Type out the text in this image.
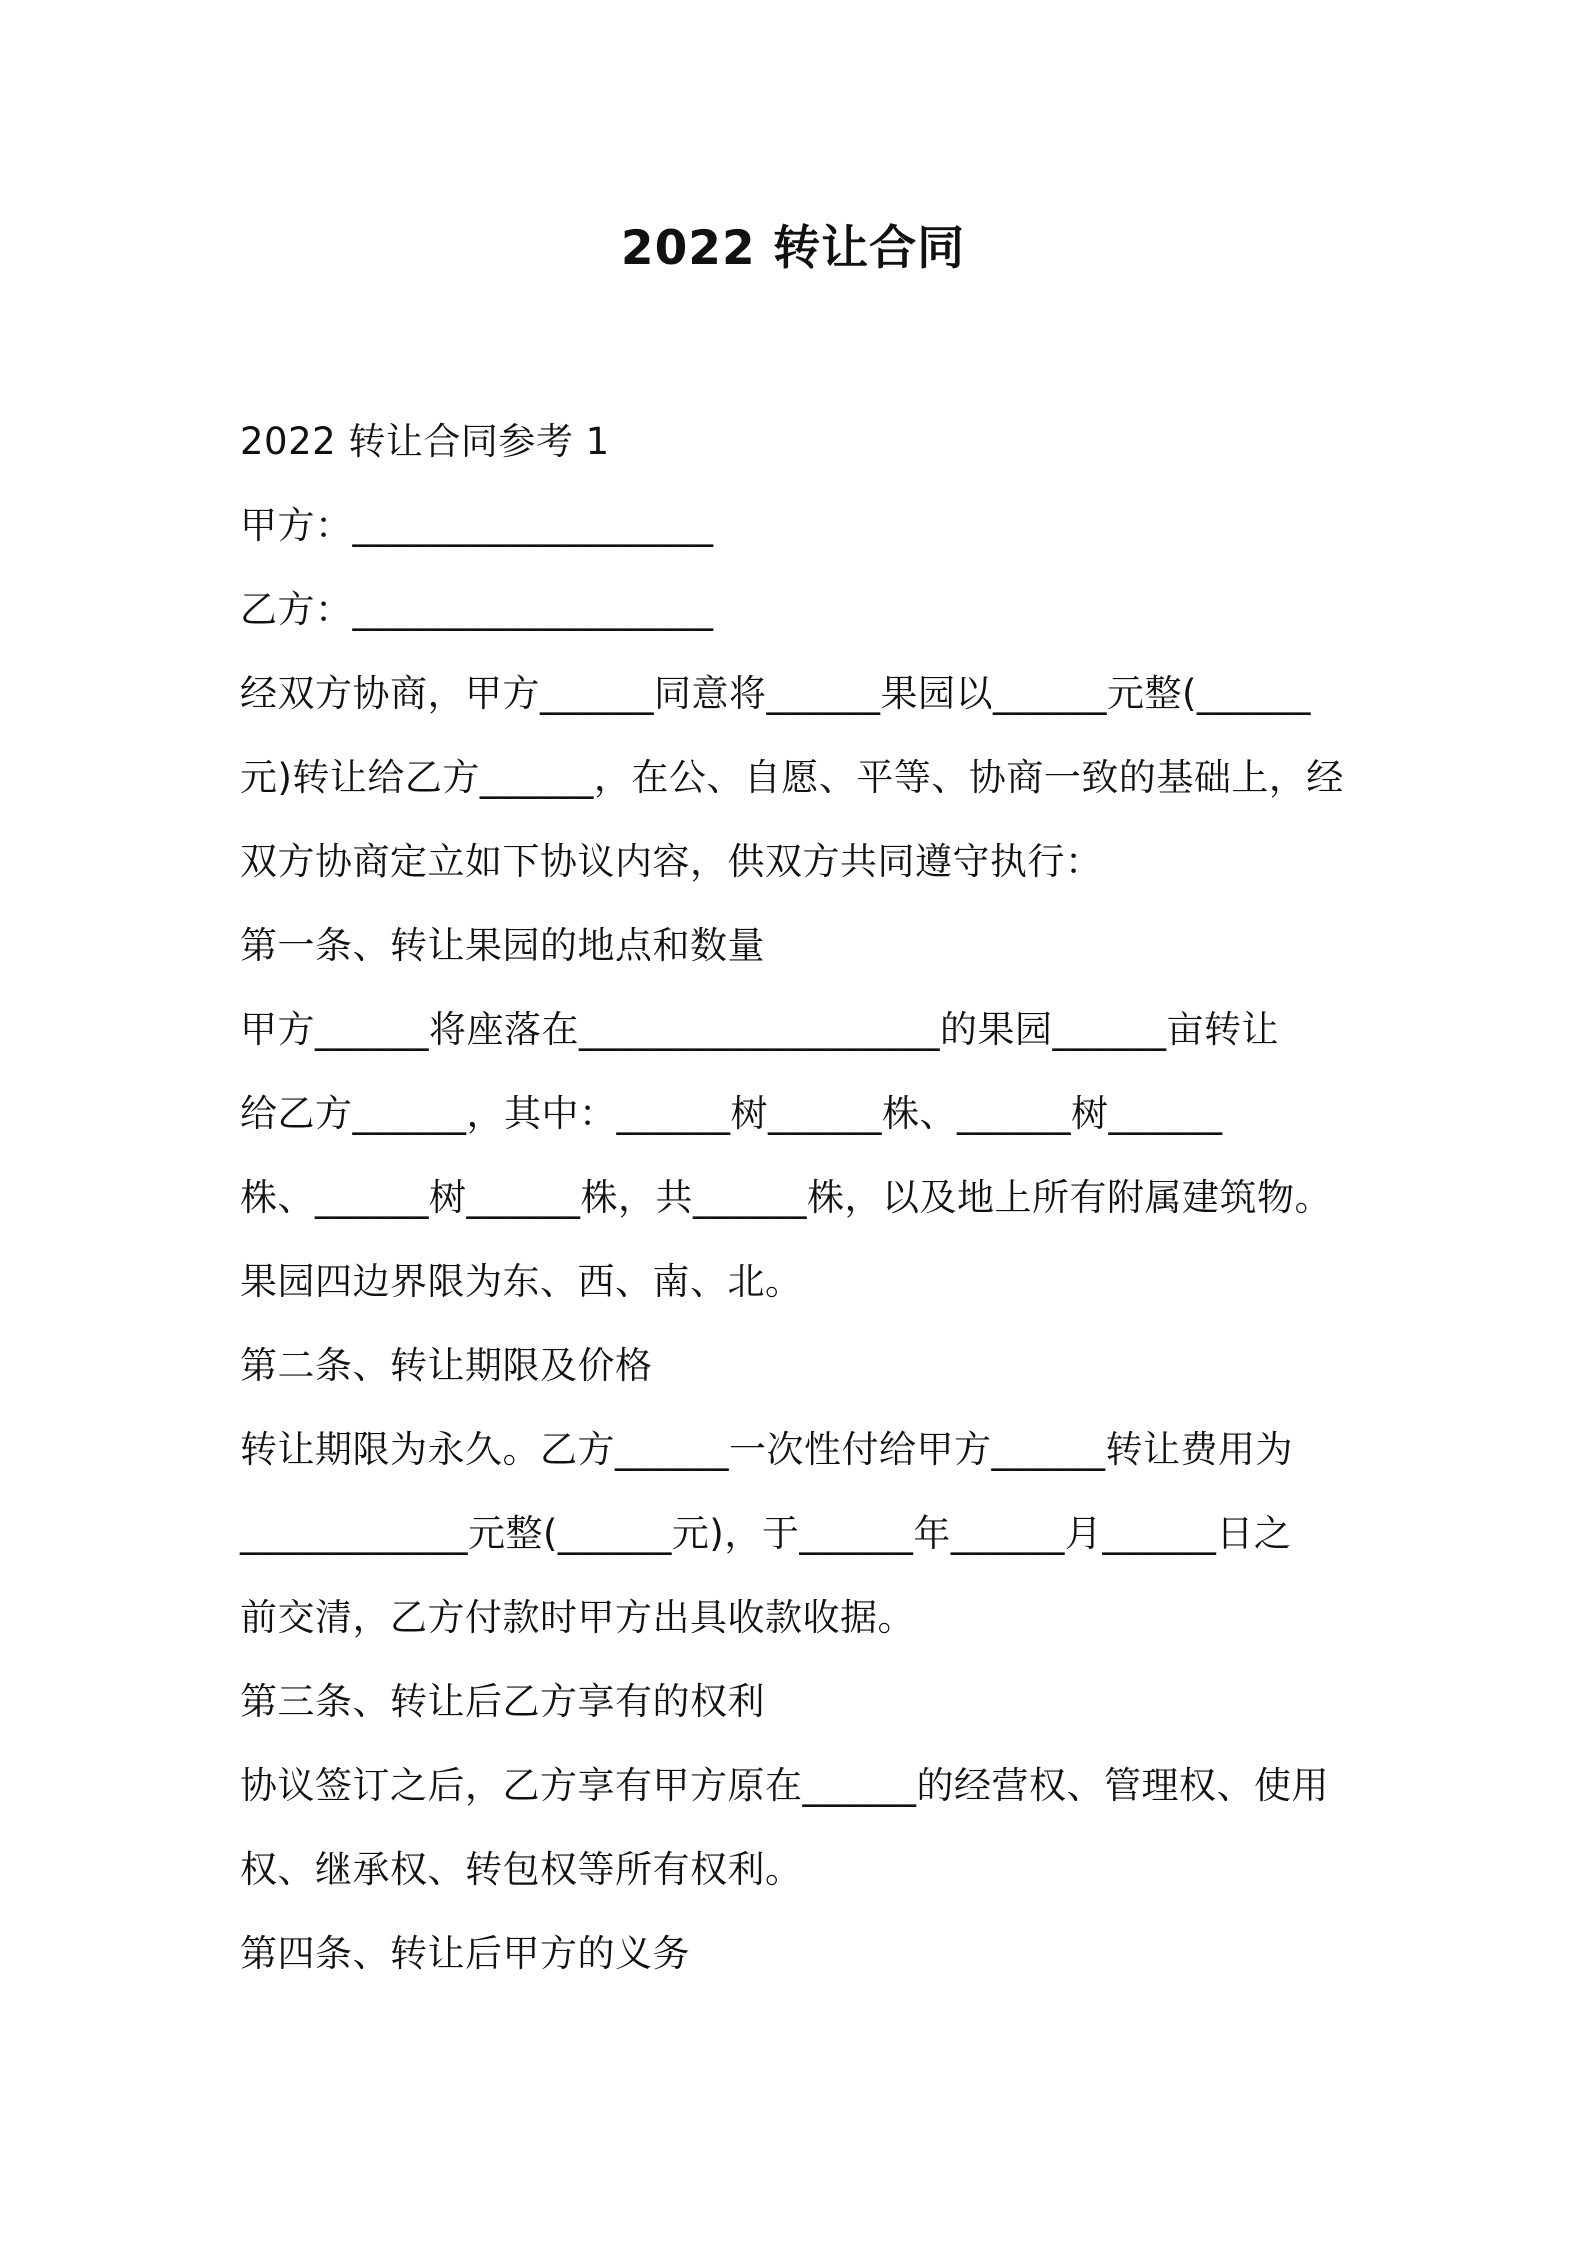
2022 转让合同
2022 转让合同参考 1
甲方：___________________
乙方：___________________
经双方协商，甲方______同意将______果园以______元整(______
元)转让给乙方______，在公、自愿、平等、协商一致的基础上，经
双方协商定立如下协议内容，供双方共同遵守执行：
第一条、转让果园的地点和数量
甲方______将座落在___________________的果园______亩转让
给乙方______，其中：______树______株、______树______
株、______树______株，共______株，以及地上所有附属建筑物。
果园四边界限为东、西、南、北。
第二条、转让期限及价格
转让期限为永久。乙方______一次性付给甲方______转让费用为
____________元整(______元)，于______年______月______日之
前交清，乙方付款时甲方出具收款收据。
第三条、转让后乙方享有的权利
协议签订之后，乙方享有甲方原在______的经营权、管理权、使用
权、继承权、转包权等所有权利。
第四条、转让后甲方的义务
